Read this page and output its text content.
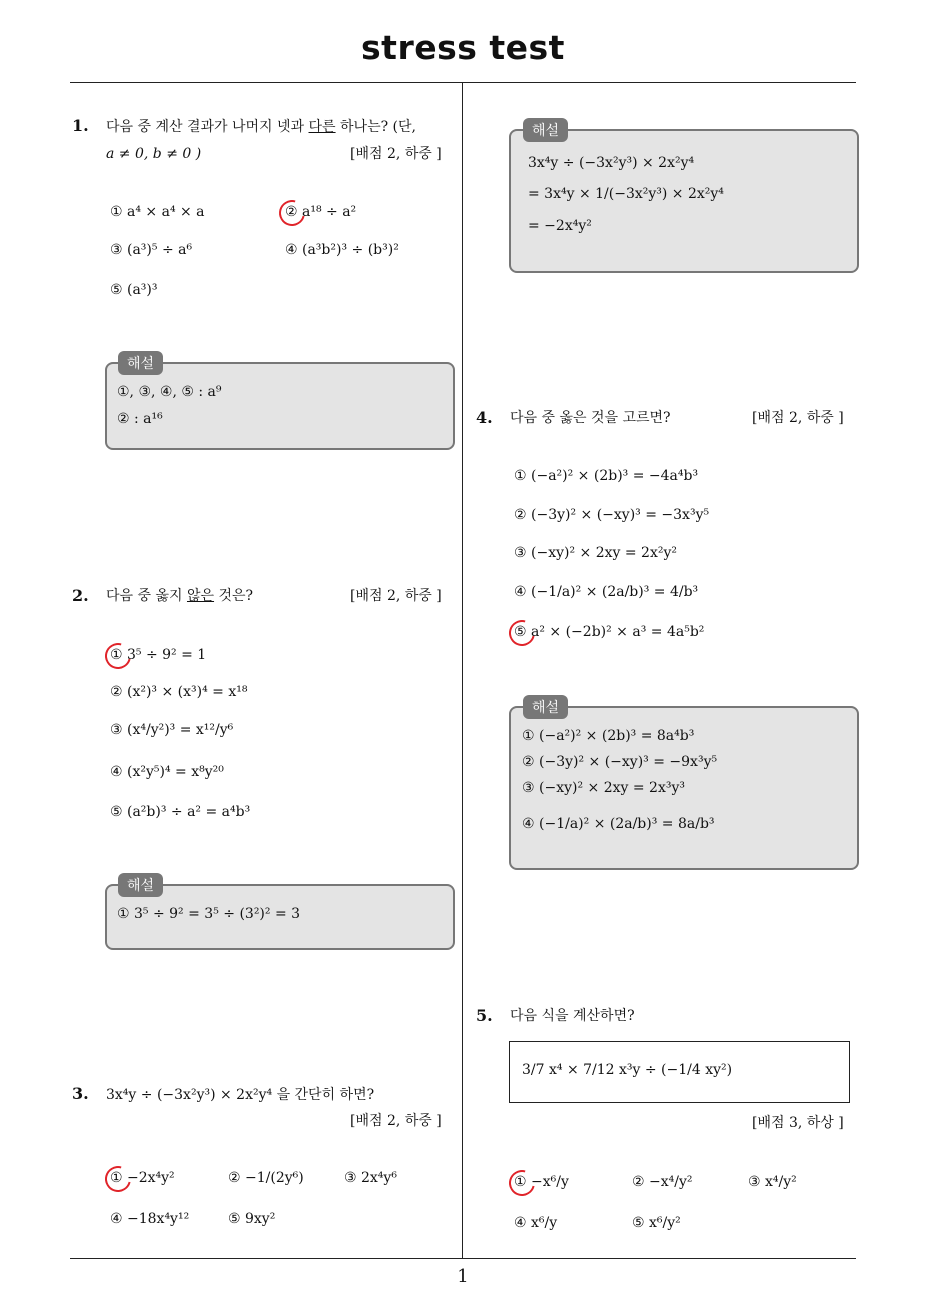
stress test
1
1. 다음 중 계산 결과가 나머지 넷과 다른 하나는? (단,
a ≠ 0, b ≠ 0 )	[배점 2, 하중 ]
① a⁴ × a⁴ × a	② a¹⁸ ÷ a²
③ (a³)⁵ ÷ a⁶	④ (a³b²)³ ÷ (b³)²
⑤ (a³)³
해설
①, ③, ④, ⑤ : a⁹
② : a¹⁶
2. 다음 중 옳지 않은 것은?	[배점 2, 하중 ]
① 3⁵ ÷ 9² = 1
② (x²)³ × (x³)⁴ = x¹⁸
③ (x⁴/y²)³ = x¹²/y⁶
④ (x²y⁵)⁴ = x⁸y²⁰
⑤ (a²b)³ ÷ a² = a⁴b³
해설
① 3⁵ ÷ 9² = 3⁵ ÷ (3²)² = 3
3. 3x⁴y ÷ (−3x²y³) × 2x²y⁴ 을 간단히 하면?
[배점 2, 하중 ]
① −2x⁴y²	② −1/(2y⁶)	③ 2x⁴y⁶
④ −18x⁴y¹²	⑤ 9xy²
해설
3x⁴y ÷ (−3x²y³) × 2x²y⁴
= 3x⁴y × 1/(−3x²y³) × 2x²y⁴
= −2x⁴y²
4. 다음 중 옳은 것을 고르면?	[배점 2, 하중 ]
① (−a²)² × (2b)³ = −4a⁴b³
② (−3y)² × (−xy)³ = −3x³y⁵
③ (−xy)² × 2xy = 2x²y²
④ (−1/a)² × (2a/b)³ = 4/b³
⑤ a² × (−2b)² × a³ = 4a⁵b²
해설
① (−a²)² × (2b)³ = 8a⁴b³
② (−3y)² × (−xy)³ = −9x³y⁵
③ (−xy)² × 2xy = 2x³y³
④ (−1/a)² × (2a/b)³ = 8a/b³
5. 다음 식을 계산하면?
3/7 x⁴ × 7/12 x³y ÷ (−1/4 xy²)
[배점 3, 하상 ]
① −x⁶/y	② −x⁴/y²	③ x⁴/y²
④ x⁶/y	⑤ x⁶/y²
